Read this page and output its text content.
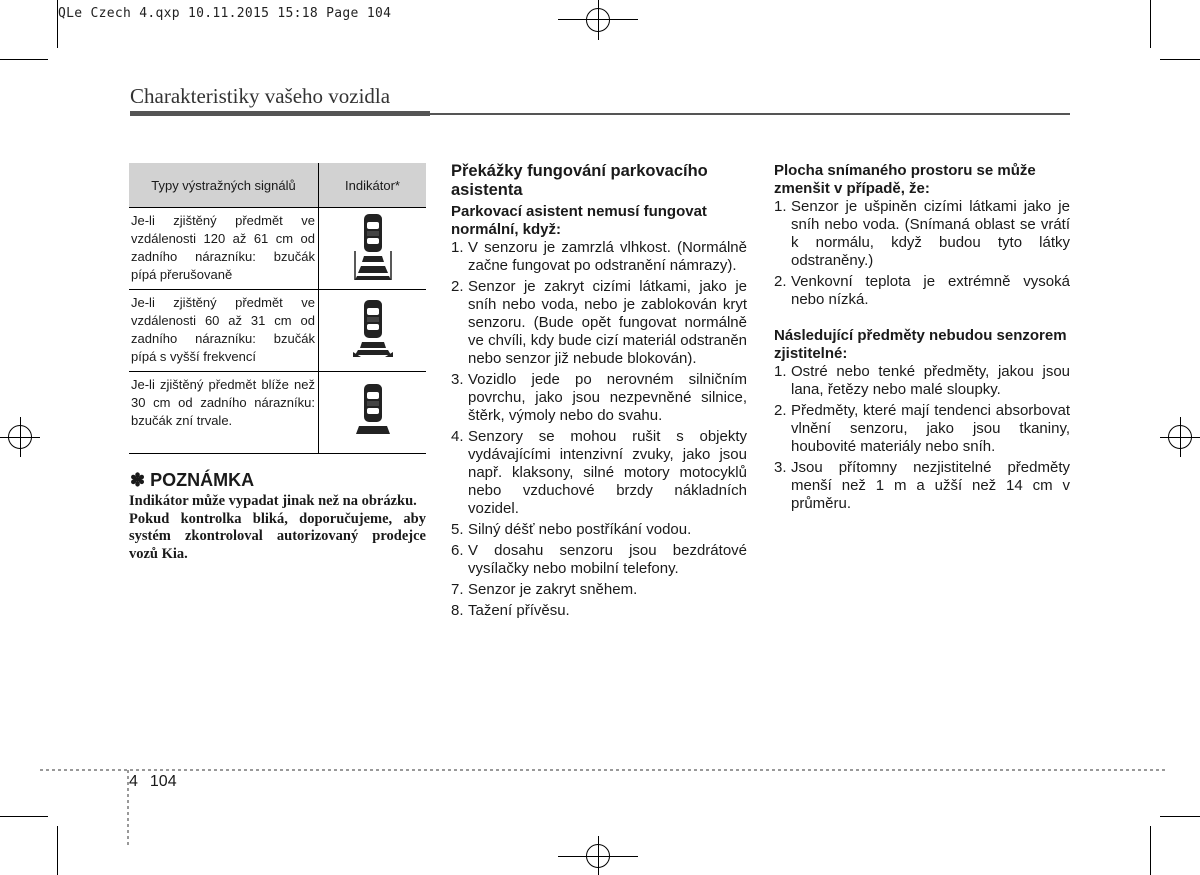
QLe Czech 4.qxp 10.11.2015 15:18 Page 104
Charakteristiky vašeho vozidla
Typy výstražných signálů	Indikátor*
Je-li zjištěný předmět ve vzdálenosti 120 až 61 cm od zadního nárazníku: bzučák pípá přerušovaně	
Je-li zjištěný předmět ve vzdálenosti 60 až 31 cm od zadního nárazníku: bzučák pípá s vyšší frekvencí	
Je-li zjištěný předmět blíže než 30 cm od zadního nárazníku: bzučák zní trvale.	
✽ POZNÁMKA

Indikátor může vypadat jinak než na obrázku.

Pokud kontrolka bliká, doporučujeme, aby systém zkontroloval autorizovaný prodejce vozů Kia.

Překážky fungování parkovacího asistenta
Parkovací asistent nemusí fungovat normální, když:
1. V senzoru je zamrzlá vlhkost. (Normálně začne fungovat po odstranění námrazy).
2. Senzor je zakryt cizími látkami, jako je sníh nebo voda, nebo je zablokován kryt senzoru. (Bude opět fungovat normálně ve chvíli, kdy bude cizí materiál odstraněn nebo senzor již nebude blokován).
3. Vozidlo jede po nerovném silničním povrchu, jako jsou nezpevněné silnice, štěrk, výmoly nebo do svahu.
4. Senzory se mohou rušit s objekty vydávajícími intenzivní zvuky, jako jsou např. klaksony, silné motory motocyklů nebo vzduchové brzdy nákladních vozidel.
5. Silný déšť nebo postříkání vodou.
6. V dosahu senzoru jsou bezdrátové vysílačky nebo mobilní telefony.
7. Senzor je zakryt sněhem.
8. Tažení přívěsu.
Plocha snímaného prostoru se může zmenšit v případě, že:
1. Senzor je ušpiněn cizími látkami jako je sníh nebo voda. (Snímaná oblast se vrátí k normálu, když budou tyto látky odstraněny.)
2. Venkovní teplota je extrémně vysoká nebo nízká.
Následující předměty nebudou senzorem zjistitelné:
1. Ostré nebo tenké předměty, jakou jsou lana, řetězy nebo malé sloupky.
2. Předměty, které mají tendenci absorbovat vlnění senzoru, jako jsou tkaniny, houbovité materiály nebo sníh.
3. Jsou přítomny nezjistitelné předměty menší než 1 m a užší než 14 cm v průměru.
4 104
